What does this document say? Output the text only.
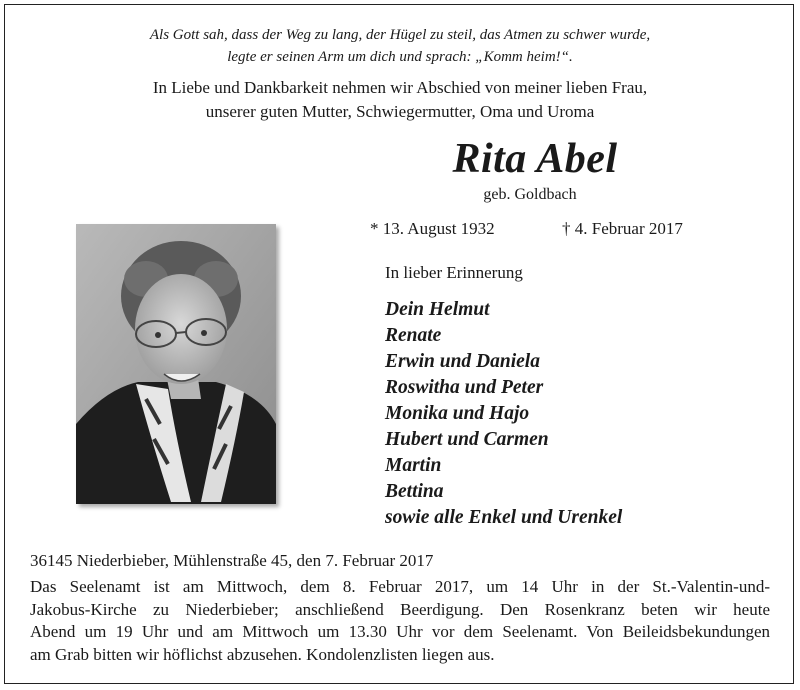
Als Gott sah, dass der Weg zu lang, der Hügel zu steil, das Atmen zu schwer wurde,
legte er seinen Arm um dich und sprach: „Komm heim!“.
In Liebe und Dankbarkeit nehmen wir Abschied von meiner lieben Frau,
unserer guten Mutter, Schwiegermutter, Oma und Uroma
Rita Abel
geb. Goldbach
* 13. August 1932	† 4. Februar 2017
In lieber Erinnerung
Dein Helmut
Renate
Erwin und Daniela
Roswitha und Peter
Monika und Hajo
Hubert und Carmen
Martin
Bettina
sowie alle Enkel und Urenkel
36145 Niederbieber, Mühlenstraße 45, den 7. Februar 2017
Das Seelenamt ist am Mittwoch, dem 8. Februar 2017, um 14 Uhr in der St.-Valentin-und-
Jakobus-Kirche zu Niederbieber; anschließend Beerdigung. Den Rosenkranz beten wir heute
Abend um 19 Uhr und am Mittwoch um 13.30 Uhr vor dem Seelenamt. Von Beileidsbekundungen
am Grab bitten wir höflichst abzusehen. Kondolenzlisten liegen aus.
